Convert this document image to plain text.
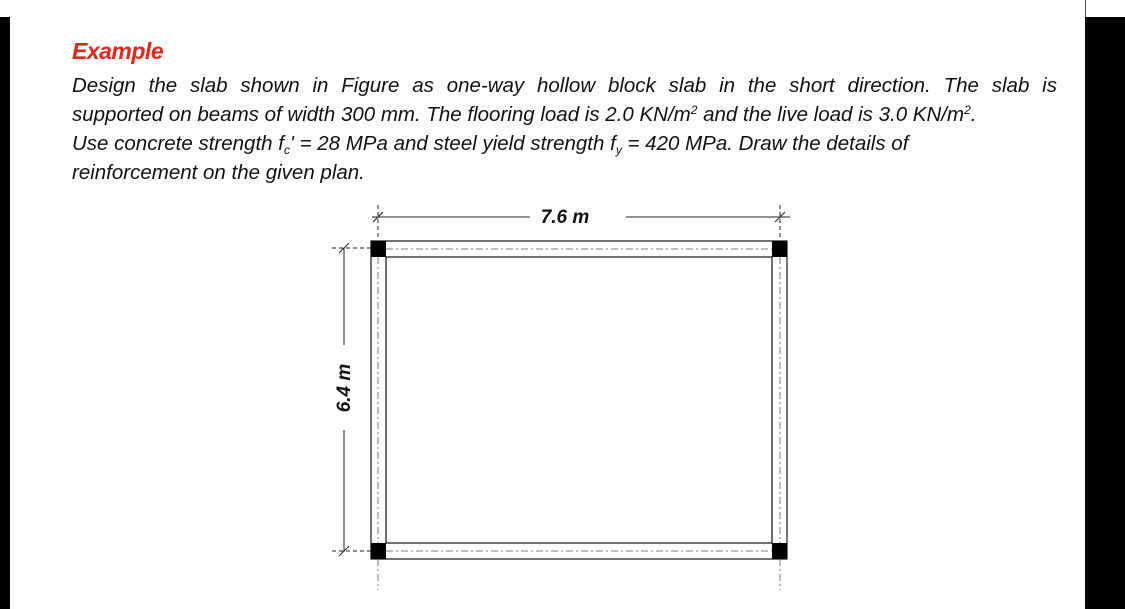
Example
Design the slab shown in Figure as one-way hollow block slab in the short direction. The slab is
supported on beams of width 300 mm. The flooring load is 2.0 $KN/m^2$ and the live load is 3.0 $KN/m^2$.
Use concrete strength $f_c' = 28$ MPa and steel yield strength $f_y = 420$ MPa. Draw the details of
reinforcement on the given plan.
7.6 m
6.4 m
